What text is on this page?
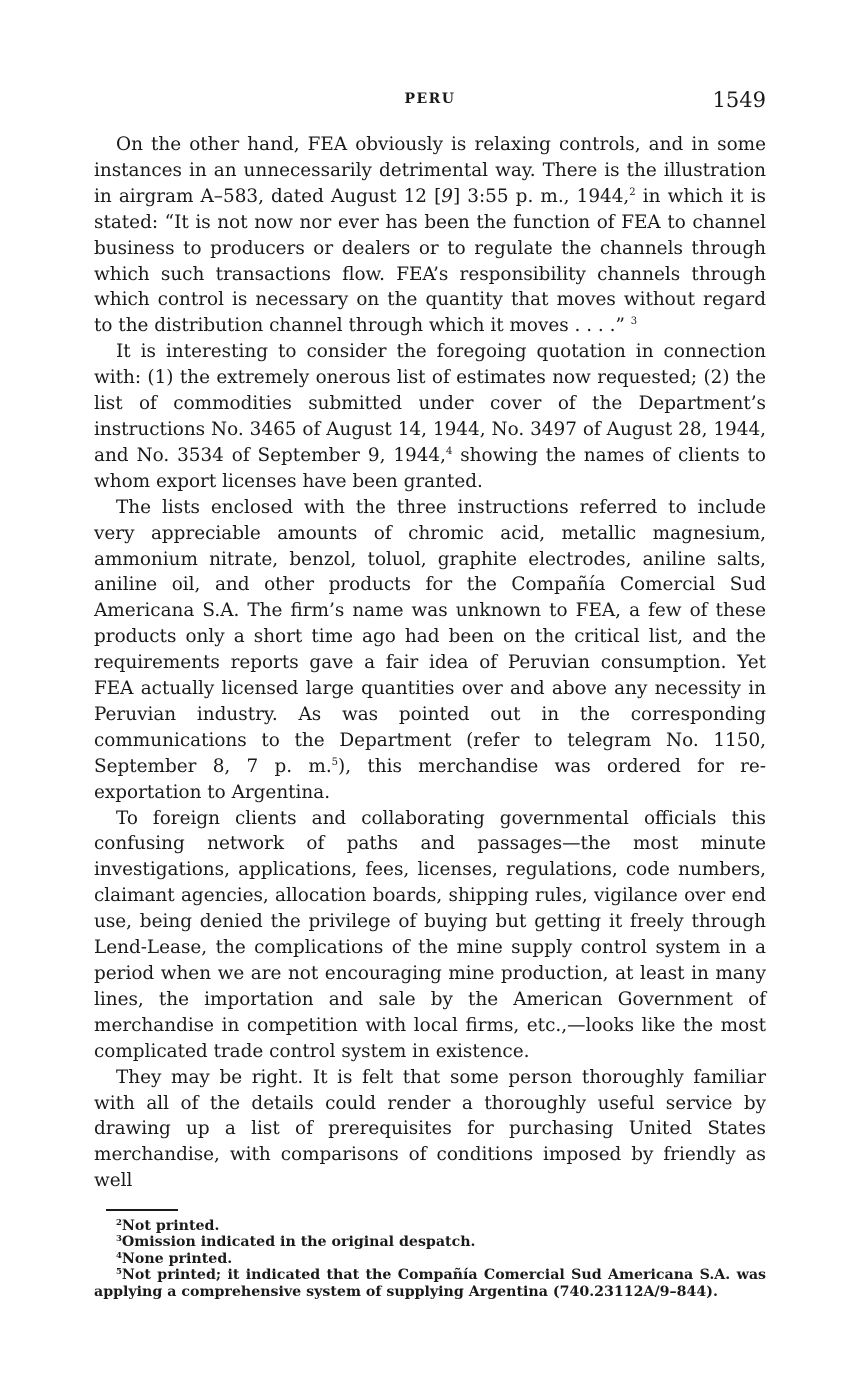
PERU	1549

On the other hand, FEA obviously is relaxing controls, and in some instances in an unnecessarily detrimental way. There is the illustration in airgram A–583, dated August 12 [9] 3:55 p. m., 1944,$^2$ in which it is stated: “It is not now nor ever has been the function of FEA to channel business to producers or dealers or to regulate the channels through which such transactions flow. FEA’s responsibility channels through which control is necessary on the quantity that moves without regard to the distribution channel through which it moves . . . .” $^3$

It is interesting to consider the foregoing quotation in connection with: (1) the extremely onerous list of estimates now requested; (2) the list of commodities submitted under cover of the Department’s instructions No. 3465 of August 14, 1944, No. 3497 of August 28, 1944, and No. 3534 of September 9, 1944,$^4$ showing the names of clients to whom export licenses have been granted.

The lists enclosed with the three instructions referred to include very appreciable amounts of chromic acid, metallic magnesium, ammonium nitrate, benzol, toluol, graphite electrodes, aniline salts, aniline oil, and other products for the Compañía Comercial Sud Americana S.A. The firm’s name was unknown to FEA, a few of these products only a short time ago had been on the critical list, and the requirements reports gave a fair idea of Peruvian consumption. Yet FEA actually licensed large quantities over and above any necessity in Peruvian industry. As was pointed out in the corresponding communications to the Department (refer to telegram No. 1150, September 8, 7 p. m.$^5$), this merchandise was ordered for re-exportation to Argentina.

To foreign clients and collaborating governmental officials this confusing network of paths and passages—the most minute investigations, applications, fees, licenses, regulations, code numbers, claimant agencies, allocation boards, shipping rules, vigilance over end use, being denied the privilege of buying but getting it freely through Lend-Lease, the complications of the mine supply control system in a period when we are not encouraging mine production, at least in many lines, the importation and sale by the American Government of merchandise in competition with local firms, etc.,—looks like the most complicated trade control system in existence.

They may be right. It is felt that some person thoroughly familiar with all of the details could render a thoroughly useful service by drawing up a list of prerequisites for purchasing United States merchandise, with comparisons of conditions imposed by friendly as well

$^2$Not printed.

$^3$Omission indicated in the original despatch.

$^4$None printed.

$^5$Not printed; it indicated that the Compañía Comercial Sud Americana S.A. was applying a comprehensive system of supplying Argentina (740.23112A/9–844).
